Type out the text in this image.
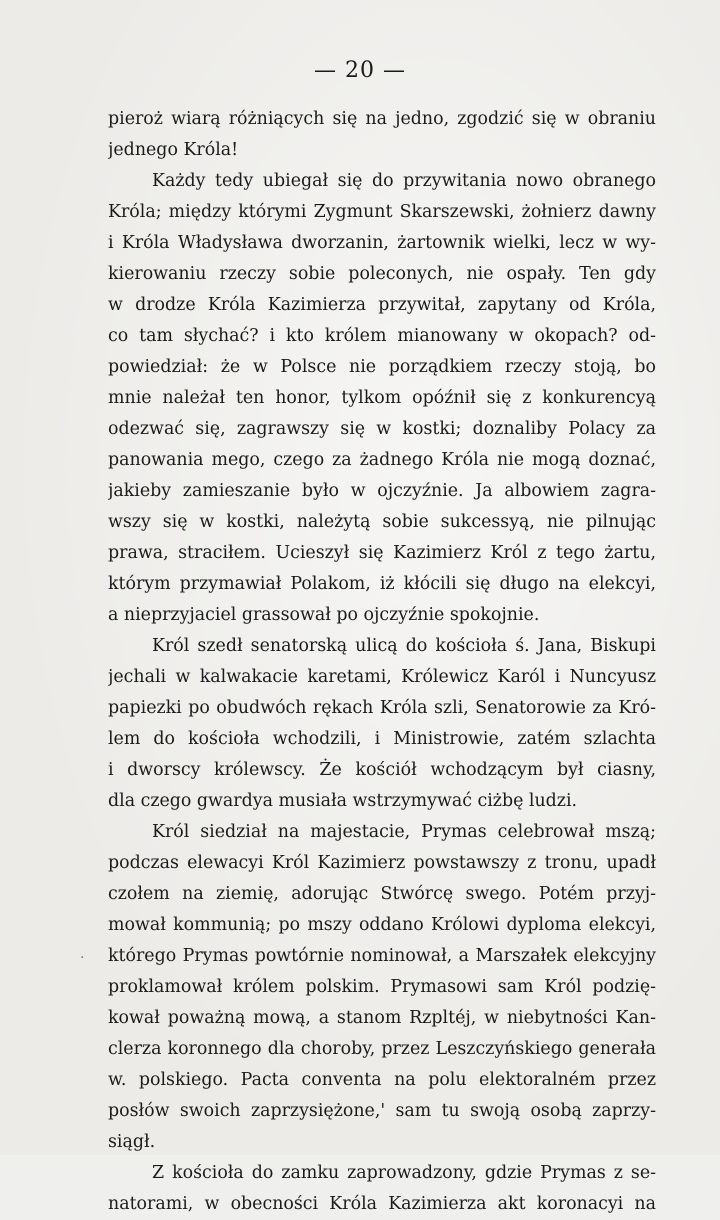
— 20 —
pieroż wiarą różniących się na jedno, zgodzić się w obraniu
jednego Króla!
Każdy tedy ubiegał się do przywitania nowo obranego
Króla; między którymi Zygmunt Skarszewski, żołnierz dawny
i Króla Władysława dworzanin, żartownik wielki, lecz w wy-
kierowaniu rzeczy sobie poleconych, nie ospały. Ten gdy
w drodze Króla Kazimierza przywitał, zapytany od Króla,
co tam słychać? i kto królem mianowany w okopach? od-
powiedział: że w Polsce nie porządkiem rzeczy stoją, bo
mnie należał ten honor, tylkom opóźnił się z konkurencyą
odezwać się, zagrawszy się w kostki; doznaliby Polacy za
panowania mego, czego za żadnego Króla nie mogą doznać,
jakieby zamieszanie było w ojczyźnie. Ja albowiem zagra-
wszy się w kostki, należytą sobie sukcessyą, nie pilnując
prawa, straciłem. Ucieszył się Kazimierz Król z tego żartu,
którym przymawiał Polakom, iż kłócili się długo na elekcyi,
a nieprzyjaciel grassował po ojczyźnie spokojnie.
Król szedł senatorską ulicą do kościoła ś. Jana, Biskupi
jechali w kalwakacie karetami, Królewicz Karól i Nuncyusz
papiezki po obudwóch rękach Króla szli, Senatorowie za Kró-
lem do kościoła wchodzili, i Ministrowie, zatém szlachta
i dworscy królewscy. Że kościół wchodzącym był ciasny,
dla czego gwardya musiała wstrzymywać ciżbę ludzi.
Król siedział na majestacie, Prymas celebrował mszą;
podczas elewacyi Król Kazimierz powstawszy z tronu, upadł
czołem na ziemię, adorując Stwórcę swego. Potém przyj-
mował kommunią; po mszy oddano Królowi dyploma elekcyi,
którego Prymas powtórnie nominował, a Marszałek elekcyjny
proklamował królem polskim. Prymasowi sam Król podzię-
kował poważną mową, a stanom Rzpltéj, w niebytności Kan-
clerza koronnego dla choroby, przez Leszczyńskiego generała
w. polskiego. Pacta conventa na polu elektoralném przez
posłów swoich zaprzysiężone,' sam tu swoją osobą zaprzy-
siągł.
Z kościoła do zamku zaprowadzony, gdzie Prymas z se-
natorami, w obecności Króla Kazimierza akt koronacyi na
·
